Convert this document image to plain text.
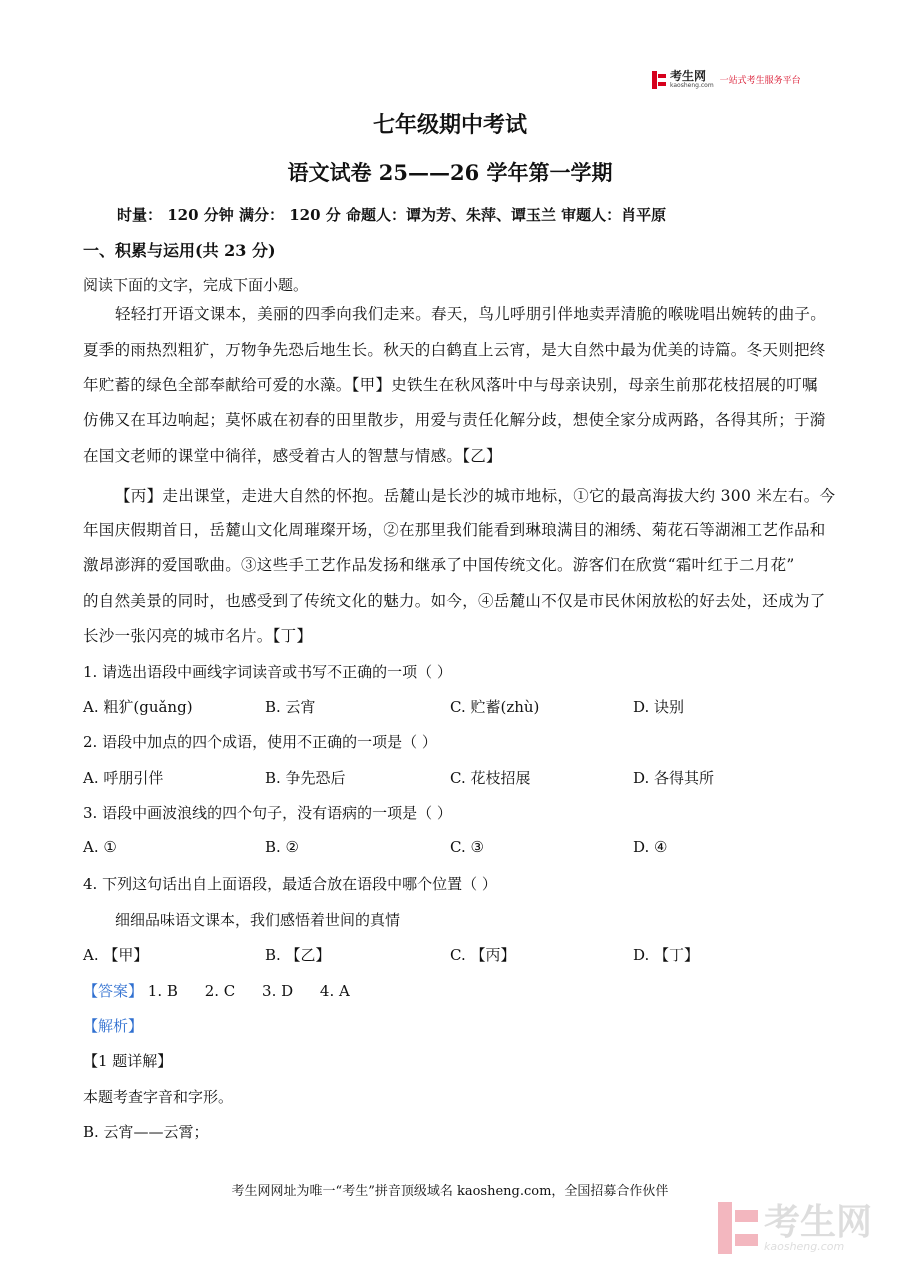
考生网
kaosheng.com 一站式考生服务平台
七年级期中考试
语文试卷 25——26 学年第一学期
时量： 120 分钟 满分： 120 分 命题人：谭为芳、朱萍、谭玉兰 审题人：肖平原
一、积累与运用(共 23 分)
阅读下面的文字，完成下面小题。
轻轻打开语文课本，美丽的四季向我们走来。春天，鸟儿呼朋引伴地卖弄清脆的喉咙唱出婉转的曲子。
夏季的雨热烈粗犷，万物争先恐后地生长。秋天的白鹤直上云宵，是大自然中最为优美的诗篇。冬天则把终
年贮蓄的绿色全部奉献给可爱的水藻。【甲】史铁生在秋风落叶中与母亲诀别，母亲生前那花枝招展的叮嘱
仿佛又在耳边响起；莫怀戚在初春的田里散步，用爱与责任化解分歧，想使全家分成两路，各得其所；于漪
在国文老师的课堂中徜徉，感受着古人的智慧与情感。【乙】
【丙】走出课堂，走进大自然的怀抱。岳麓山是长沙的城市地标，①它的最高海拔大约 300 米左右。今
年国庆假期首日，岳麓山文化周璀璨开场，②在那里我们能看到琳琅满目的湘绣、菊花石等湖湘工艺作品和
激昂澎湃的爱国歌曲。③这些手工艺作品发扬和继承了中国传统文化。游客们在欣赏“霜叶红于二月花”
的自然美景的同时，也感受到了传统文化的魅力。如今，④岳麓山不仅是市民休闲放松的好去处，还成为了
长沙一张闪亮的城市名片。【丁】
1. 请选出语段中画线字词读音或书写不正确的一项（ ）
A. 粗犷(guǎng)	B. 云宵	C. 贮蓄(zhù)	D. 诀别
2. 语段中加点的四个成语，使用不正确的一项是（ ）
A. 呼朋引伴	B. 争先恐后	C. 花枝招展	D. 各得其所
3. 语段中画波浪线的四个句子，没有语病的一项是（ ）
A. ①	B. ②	C. ③	D. ④
4. 下列这句话出自上面语段，最适合放在语段中哪个位置（ ）
细细品味语文课本，我们感悟着世间的真情
A. 【甲】	B. 【乙】	C. 【丙】	D. 【丁】
【答案】 1. B 2. C 3. D 4. A
【解析】
【1 题详解】
本题考查字音和字形。
B. 云宵——云霄；
考生网网址为唯一“考生”拼音顶级域名 kaosheng.com，全国招募合作伙伴
考生网
kaosheng.com
